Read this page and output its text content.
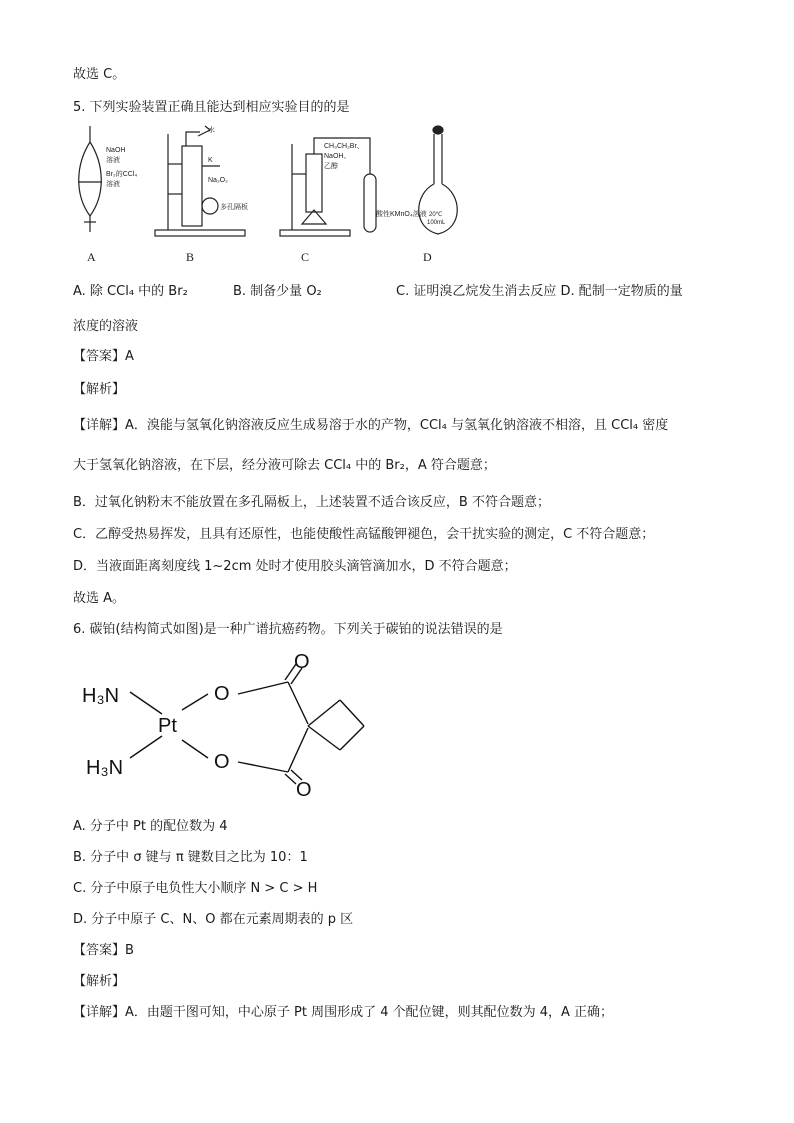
故选 C。
5. 下列实验装置正确且能达到相应实验目的的是
NaOH
溶液
Br₂的CCl₄
溶液
水
K
Na₂O₂
多孔隔板
CH₃CH₂Br、
NaOH、
乙醇
酸性KMnO₄溶液 20℃
100mL
A	B	C	D
A. 除 CCl₄ 中的 Br₂	B. 制备少量 O₂	C. 证明溴乙烷发生消去反应 D. 配制一定物质的量
浓度的溶液
【答案】A
【解析】
【详解】A．溴能与氢氧化钠溶液反应生成易溶于水的产物，CCl₄ 与氢氧化钠溶液不相溶，且 CCl₄ 密度
大于氢氧化钠溶液，在下层，经分液可除去 CCl₄ 中的 Br₂，A 符合题意；
B．过氧化钠粉末不能放置在多孔隔板上，上述装置不适合该反应，B 不符合题意；
C．乙醇受热易挥发，且具有还原性，也能使酸性高锰酸钾褪色，会干扰实验的测定，C 不符合题意；
D．当液面距离刻度线 1~2cm 处时才使用胶头滴管滴加水，D 不符合题意；
故选 A。
6. 碳铂(结构简式如图)是一种广谱抗癌药物。下列关于碳铂的说法错误的是
H₃N
H₃N
Pt
O
O
O
O
A. 分子中 Pt 的配位数为 4
B. 分子中 σ 键与 π 键数目之比为 10：1
C. 分子中原子电负性大小顺序 N > C > H
D. 分子中原子 C、N、O 都在元素周期表的 p 区
【答案】B
【解析】
【详解】A．由题干图可知，中心原子 Pt 周围形成了 4 个配位键，则其配位数为 4，A 正确；
